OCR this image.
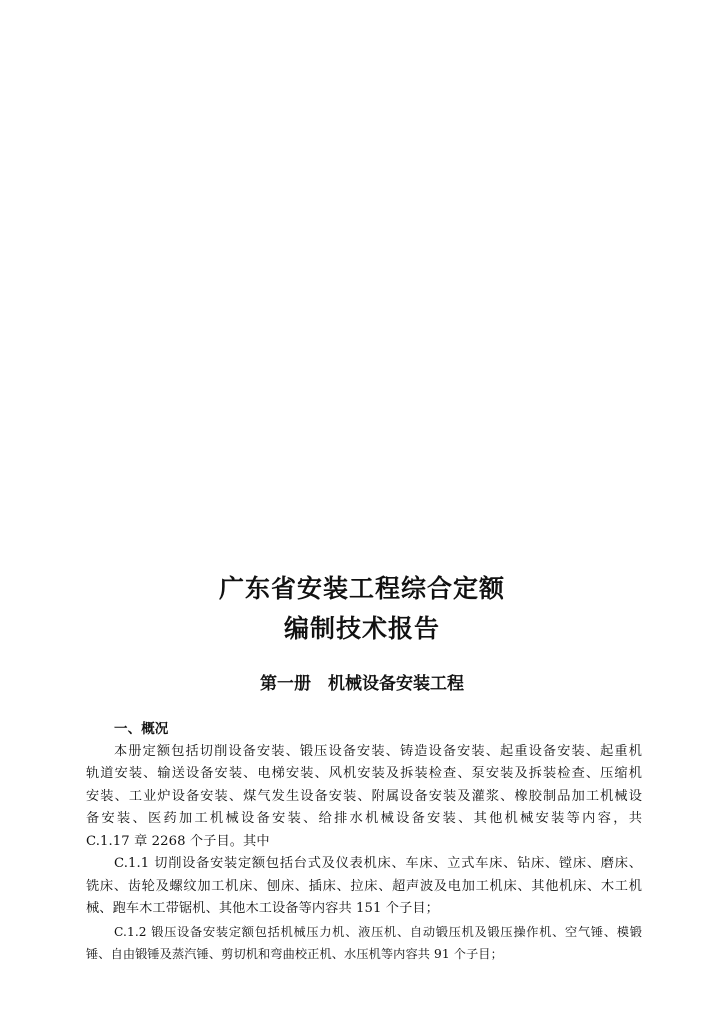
广东省安装工程综合定额
编制技术报告
第一册　机械设备安装工程
一、概况
本册定额包括切削设备安装、锻压设备安装、铸造设备安装、起重设备安装、起重机
轨道安装、输送设备安装、电梯安装、风机安装及拆装检查、泵安装及拆装检查、压缩机
安装、工业炉设备安装、煤气发生设备安装、附属设备安装及灌浆、橡胶制品加工机械设
备安装、医药加工机械设备安装、给排水机械设备安装、其他机械安装等内容，共
C.1.17 章 2268 个子目。其中
C.1.1 切削设备安装定额包括台式及仪表机床、车床、立式车床、钻床、镗床、磨床、
铣床、齿轮及螺纹加工机床、刨床、插床、拉床、超声波及电加工机床、其他机床、木工机
械、跑车木工带锯机、其他木工设备等内容共 151 个子目；
C.1.2 锻压设备安装定额包括机械压力机、液压机、自动锻压机及锻压操作机、空气锤、模锻
锤、自由锻锤及蒸汽锤、剪切机和弯曲校正机、水压机等内容共 91 个子目；
